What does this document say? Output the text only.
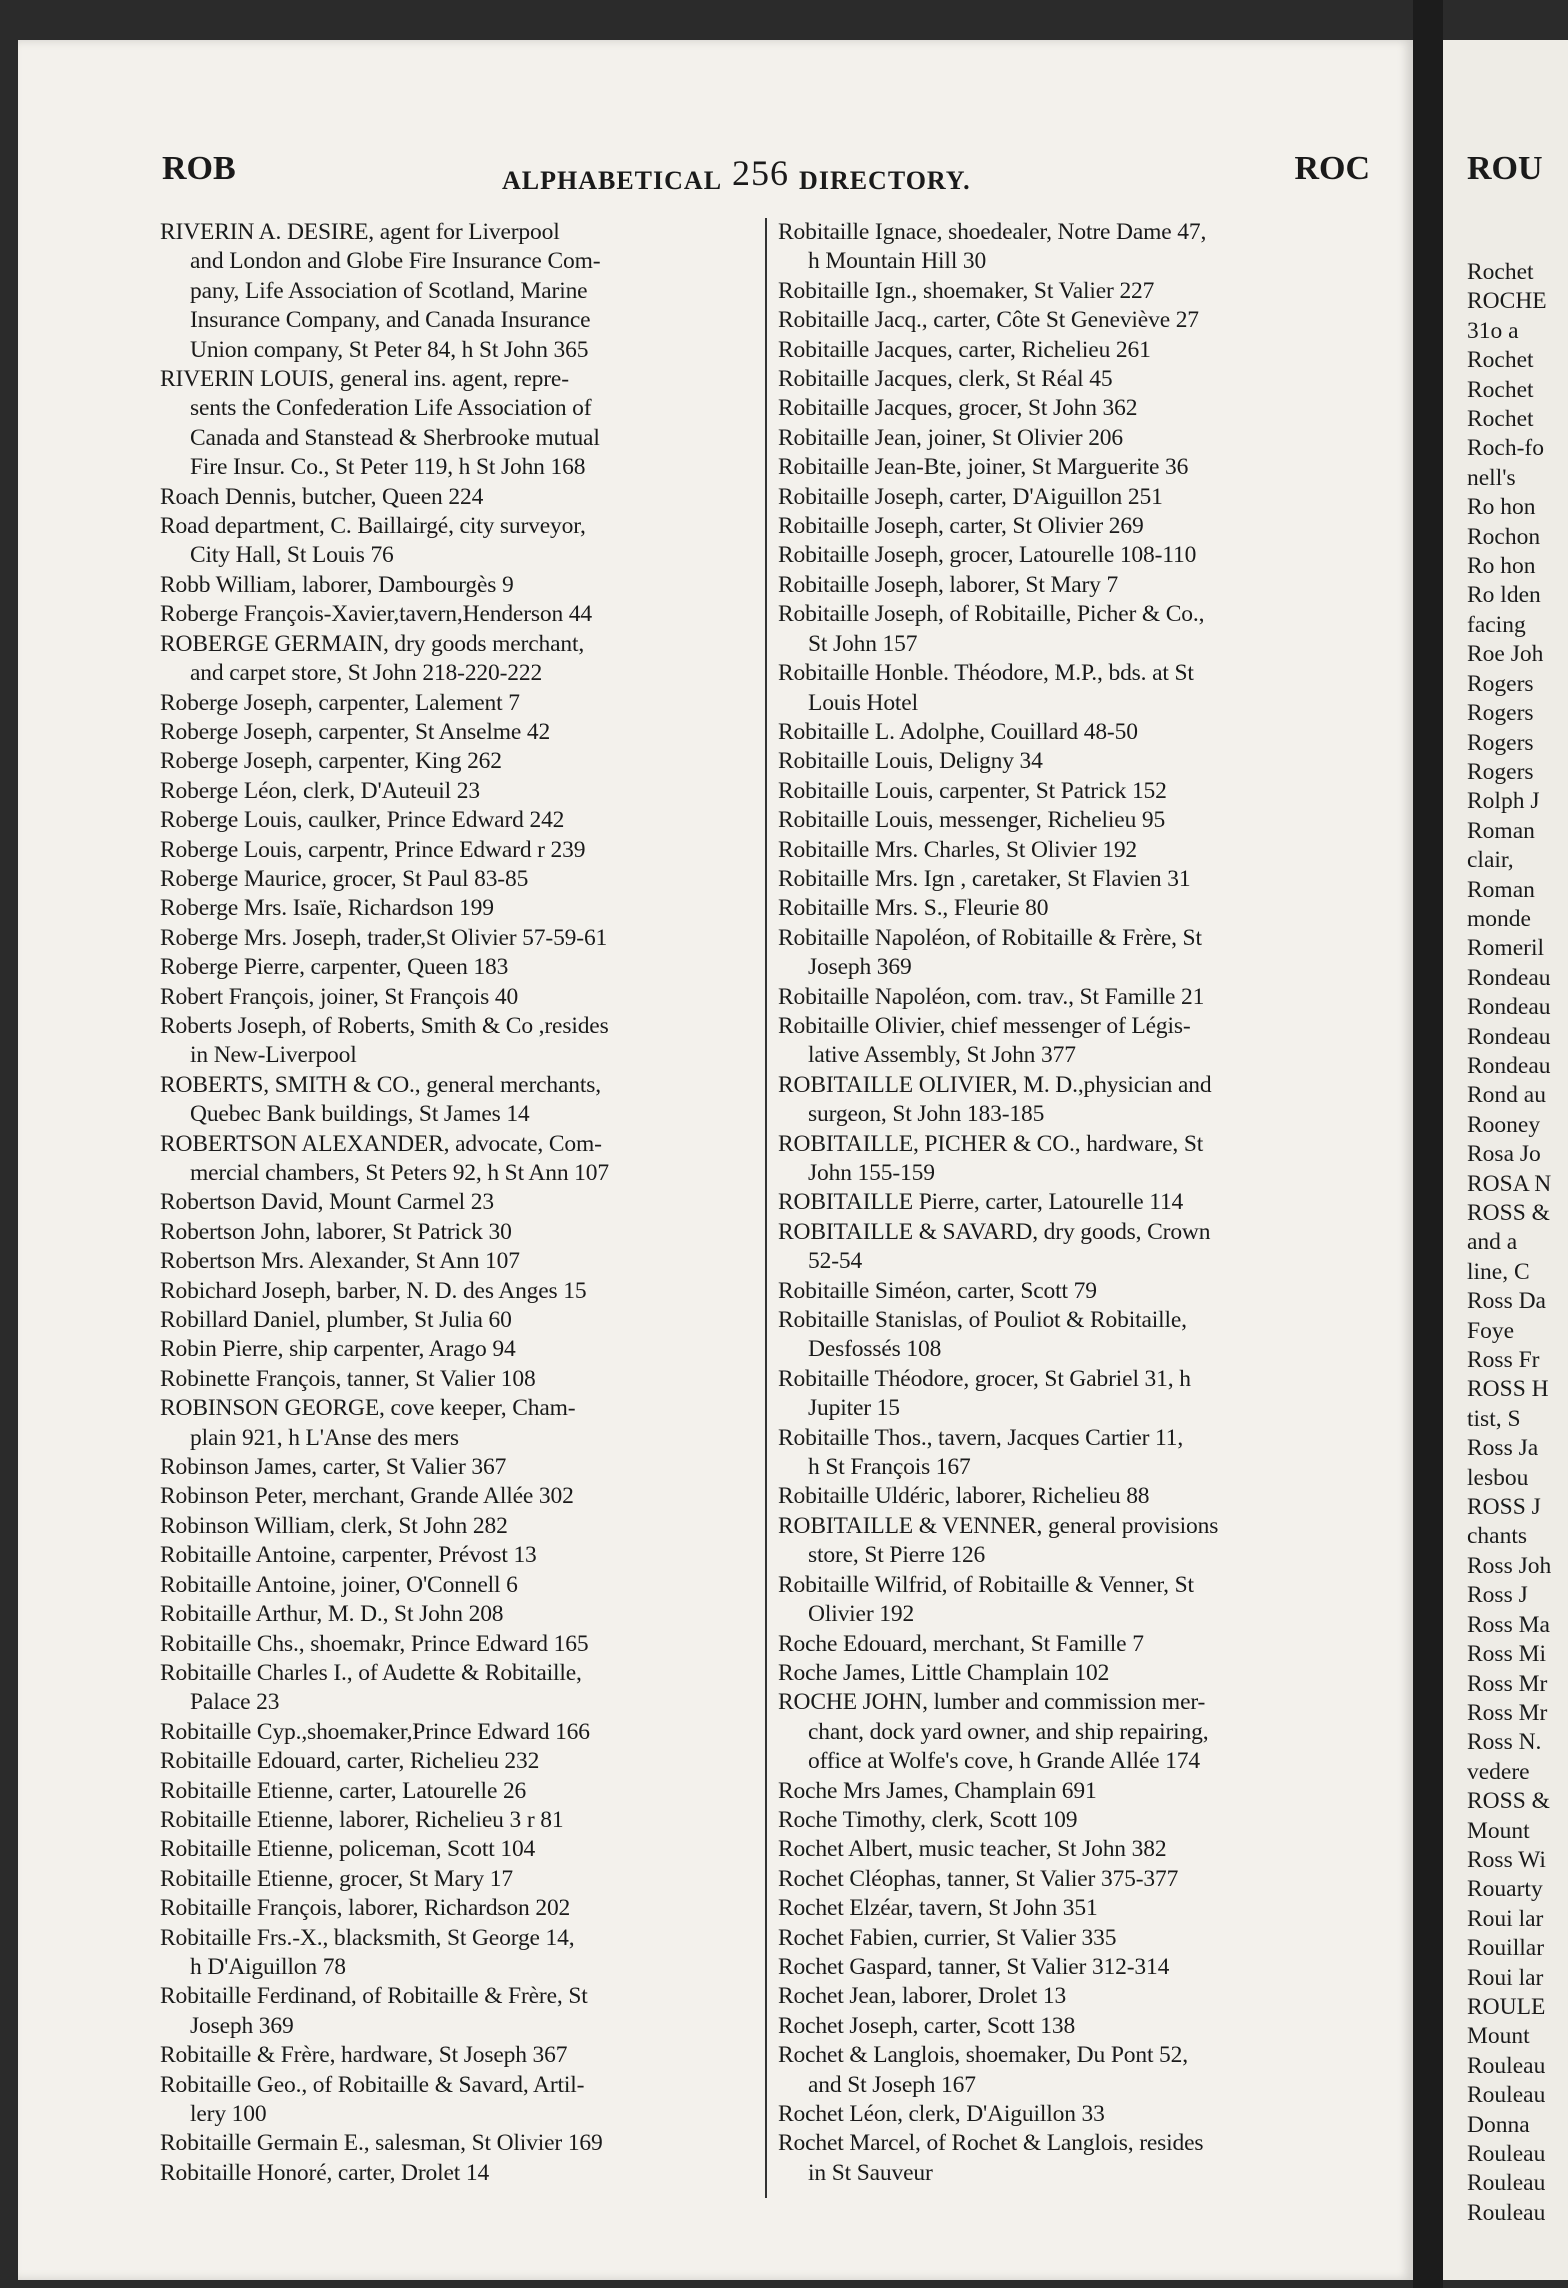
ROU
Rochet
ROCHE
31o a
Rochet
Rochet
Rochet
Roch-fo
nell's
Ro hon
Rochon
Ro hon
Ro lden
facing
Roe Joh
Rogers
Rogers
Rogers
Rogers
Rolph J
Roman
clair,
Roman
monde
Romeril
Rondeau
Rondeau
Rondeau
Rondeau
Rond au
Rooney
Rosa Jo
ROSA N
ROSS &
and a
line, C
Ross Da
Foye
Ross Fr
ROSS H
tist, S
Ross Ja
lesbou
ROSS J
chants
Ross Joh
Ross J
Ross Ma
Ross Mi
Ross Mr
Ross Mr
Ross N.
vedere
ROSS &
Mount
Ross Wi
Rouarty
Roui lar
Rouillar
Roui lar
ROULE
Mount
Rouleau
Rouleau
Donna
Rouleau
Rouleau
Rouleau
ROB	ALPHABETICAL 256 DIRECTORY.	ROC
RIVERIN A. DESIRE, agent for Liverpool
and London and Globe Fire Insurance Com-
pany, Life Association of Scotland, Marine
Insurance Company, and Canada Insurance
Union company, St Peter 84, h St John 365
RIVERIN LOUIS, general ins. agent, repre-
sents the Confederation Life Association of
Canada and Stanstead & Sherbrooke mutual
Fire Insur. Co., St Peter 119, h St John 168
Roach Dennis, butcher, Queen 224
Road department, C. Baillairgé, city surveyor,
City Hall, St Louis 76
Robb William, laborer, Dambourgès 9
Roberge François-Xavier,tavern,Henderson 44
ROBERGE GERMAIN, dry goods merchant,
and carpet store, St John 218-220-222
Roberge Joseph, carpenter, Lalement 7
Roberge Joseph, carpenter, St Anselme 42
Roberge Joseph, carpenter, King 262
Roberge Léon, clerk, D'Auteuil 23
Roberge Louis, caulker, Prince Edward 242
Roberge Louis, carpentr, Prince Edward r 239
Roberge Maurice, grocer, St Paul 83-85
Roberge Mrs. Isaïe, Richardson 199
Roberge Mrs. Joseph, trader,St Olivier 57-59-61
Roberge Pierre, carpenter, Queen 183
Robert François, joiner, St François 40
Roberts Joseph, of Roberts, Smith & Co ,resides
in New-Liverpool
ROBERTS, SMITH & CO., general merchants,
Quebec Bank buildings, St James 14
ROBERTSON ALEXANDER, advocate, Com-
mercial chambers, St Peters 92, h St Ann 107
Robertson David, Mount Carmel 23
Robertson John, laborer, St Patrick 30
Robertson Mrs. Alexander, St Ann 107
Robichard Joseph, barber, N. D. des Anges 15
Robillard Daniel, plumber, St Julia 60
Robin Pierre, ship carpenter, Arago 94
Robinette François, tanner, St Valier 108
ROBINSON GEORGE, cove keeper, Cham-
plain 921, h L'Anse des mers
Robinson James, carter, St Valier 367
Robinson Peter, merchant, Grande Allée 302
Robinson William, clerk, St John 282
Robitaille Antoine, carpenter, Prévost 13
Robitaille Antoine, joiner, O'Connell 6
Robitaille Arthur, M. D., St John 208
Robitaille Chs., shoemakr, Prince Edward 165
Robitaille Charles I., of Audette & Robitaille,
Palace 23
Robitaille Cyp.,shoemaker,Prince Edward 166
Robitaille Edouard, carter, Richelieu 232
Robitaille Etienne, carter, Latourelle 26
Robitaille Etienne, laborer, Richelieu 3 r 81
Robitaille Etienne, policeman, Scott 104
Robitaille Etienne, grocer, St Mary 17
Robitaille François, laborer, Richardson 202
Robitaille Frs.-X., blacksmith, St George 14,
h D'Aiguillon 78
Robitaille Ferdinand, of Robitaille & Frère, St
Joseph 369
Robitaille & Frère, hardware, St Joseph 367
Robitaille Geo., of Robitaille & Savard, Artil-
lery 100
Robitaille Germain E., salesman, St Olivier 169
Robitaille Honoré, carter, Drolet 14
Robitaille Ignace, shoedealer, Notre Dame 47,
h Mountain Hill 30
Robitaille Ign., shoemaker, St Valier 227
Robitaille Jacq., carter, Côte St Geneviève 27
Robitaille Jacques, carter, Richelieu 261
Robitaille Jacques, clerk, St Réal 45
Robitaille Jacques, grocer, St John 362
Robitaille Jean, joiner, St Olivier 206
Robitaille Jean-Bte, joiner, St Marguerite 36
Robitaille Joseph, carter, D'Aiguillon 251
Robitaille Joseph, carter, St Olivier 269
Robitaille Joseph, grocer, Latourelle 108-110
Robitaille Joseph, laborer, St Mary 7
Robitaille Joseph, of Robitaille, Picher & Co.,
St John 157
Robitaille Honble. Théodore, M.P., bds. at St
Louis Hotel
Robitaille L. Adolphe, Couillard 48-50
Robitaille Louis, Deligny 34
Robitaille Louis, carpenter, St Patrick 152
Robitaille Louis, messenger, Richelieu 95
Robitaille Mrs. Charles, St Olivier 192
Robitaille Mrs. Ign , caretaker, St Flavien 31
Robitaille Mrs. S., Fleurie 80
Robitaille Napoléon, of Robitaille & Frère, St
Joseph 369
Robitaille Napoléon, com. trav., St Famille 21
Robitaille Olivier, chief messenger of Légis-
lative Assembly, St John 377
ROBITAILLE OLIVIER, M. D.,physician and
surgeon, St John 183-185
ROBITAILLE, PICHER & CO., hardware, St
John 155-159
ROBITAILLE Pierre, carter, Latourelle 114
ROBITAILLE & SAVARD, dry goods, Crown
52-54
Robitaille Siméon, carter, Scott 79
Robitaille Stanislas, of Pouliot & Robitaille,
Desfossés 108
Robitaille Théodore, grocer, St Gabriel 31, h
Jupiter 15
Robitaille Thos., tavern, Jacques Cartier 11,
h St François 167
Robitaille Uldéric, laborer, Richelieu 88
ROBITAILLE & VENNER, general provisions
store, St Pierre 126
Robitaille Wilfrid, of Robitaille & Venner, St
Olivier 192
Roche Edouard, merchant, St Famille 7
Roche James, Little Champlain 102
ROCHE JOHN, lumber and commission mer-
chant, dock yard owner, and ship repairing,
office at Wolfe's cove, h Grande Allée 174
Roche Mrs James, Champlain 691
Roche Timothy, clerk, Scott 109
Rochet Albert, music teacher, St John 382
Rochet Cléophas, tanner, St Valier 375-377
Rochet Elzéar, tavern, St John 351
Rochet Fabien, currier, St Valier 335
Rochet Gaspard, tanner, St Valier 312-314
Rochet Jean, laborer, Drolet 13
Rochet Joseph, carter, Scott 138
Rochet & Langlois, shoemaker, Du Pont 52,
and St Joseph 167
Rochet Léon, clerk, D'Aiguillon 33
Rochet Marcel, of Rochet & Langlois, resides
in St Sauveur
